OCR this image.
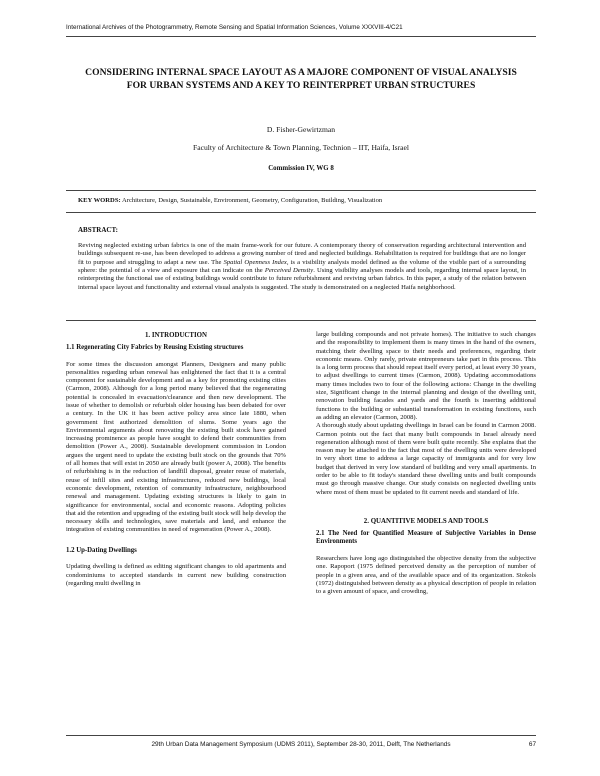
International Archives of the Photogrammetry, Remote Sensing and Spatial Information Sciences, Volume XXXVIII-4/C21
CONSIDERING INTERNAL SPACE LAYOUT AS A MAJORE COMPONENT OF VISUAL ANALYSIS FOR URBAN SYSTEMS AND A KEY TO REINTERPRET URBAN STRUCTURES
D. Fisher-Gewirtzman
Faculty of Architecture & Town Planning, Technion – IIT, Haifa, Israel
Commission IV, WG 8
KEY WORDS: Architecture, Design, Sustainable, Environment, Geometry, Configuration, Building, Visualization
ABSTRACT:
Reviving neglected existing urban fabrics is one of the main frame-work for our future. A contemporary theory of conservation regarding architectural intervention and buildings subsequent re-use, has been developed to address a growing number of tired and neglected buildings. Rehabilitation is required for buildings that are no longer fit to purpose and struggling to adapt a new use. The Spatial Openness Index, is a visibility analysis model defined as the volume of the visible part of a surrounding sphere: the potential of a view and exposure that can indicate on the Perceived Density. Using visibility analyses models and tools, regarding internal space layout, in reinterpreting the functional use of existing buildings would contribute to future refurbishment and reviving urban fabrics. In this paper, a study of the relation between internal space layout and functionality and external visual analysis is suggested. The study is demonstrated on a neglected Haifa neighborhood.
1. INTRODUCTION
1.1 Regenerating City Fabrics by Reusing Existing structures

For some times the discussion amongst Planners, Designers and many public personalities regarding urban renewal has enlightened the fact that it is a central component for sustainable development and as a key for promoting existing cities (Carmon, 2008). Although for a long period many believed that the regenerating potential is concealed in evacuation/clearance and then new development. The issue of whether to demolish or refurbish older housing has been debated for over a century. In the UK it has been active policy area since late 1880, when government first authorized demolition of slums. Some years ago the Environmental arguments about renovating the existing built stock have gained increasing prominence as people have sought to defend their communities from demolition (Power A., 2008). Sustainable development commission in London argues the urgent need to update the existing built stock on the grounds that 70% of all homes that will exist in 2050 are already built (power A, 2008). The benefits of refurbishing is in the reduction of landfill disposal, greater reuse of materials, reuse of infill sites and existing infrastructures, reduced new buildings, local economic development, retention of community infrastructure, neighbourhood renewal and management. Updating existing structures is likely to gain in significance for environmental, social and economic reasons. Adopting policies that aid the retention and upgrading of the existing built stock will help develop the necessary skills and technologies, save materials and land, and enhance the integration of existing communities in need of regeneration (Power A., 2008).

1.2 Up-Dating Dwellings

Updating dwelling is defined as editing significant changes to old apartments and condominiums to accepted standards in current new building construction (regarding multi dwelling in

large building compounds and not private homes). The initiative to such changes and the responsibility to implement them is many times in the hand of the owners, matching their dwelling space to their needs and preferences, regarding their economic means. Only rarely, private entrepreneurs take part in this process. This is a long term process that should repeat itself every period, at least every 30 years, to adjust dwellings to current times (Carmon, 2008). Updating accommodations many times includes two to four of the following actions: Change in the dwelling size, Significant change in the internal planning and design of the dwelling unit, renovation building facades and yards and the fourth is inserting additional functions to the building or substantial transformation in existing functions, such as adding an elevator (Carmon, 2008).

A thorough study about updating dwellings in Israel can be found in Carmon 2008. Carmon points out the fact that many built compounds in Israel already need regeneration although most of them were built quite recently. She explains that the reason may be attached to the fact that most of the dwelling units were developed in very short time to address a large capacity of immigrants and for very low budget that derived in very low standard of building and very small apartments. In order to be able to fit today's standard these dwelling units and built compounds must go through massive change. Our study consists on neglected dwelling units where most of them must be updated to fit current needs and standard of life.

2. QUANTITIVE MODELS AND TOOLS
2.1 The Need for Quantified Measure of Subjective Variables in Dense Environments

Researchers have long ago distinguished the objective density from the subjective one. Rapoport (1975 defined perceived density as the perception of number of people in a given area, and of the available space and of its organization. Stokols (1972) distinguished between density as a physical description of people in relation to a given amount of space, and crowding,

29th Urban Data Management Symposium (UDMS 2011), September 28-30, 2011, Delft, The Netherlands	67
